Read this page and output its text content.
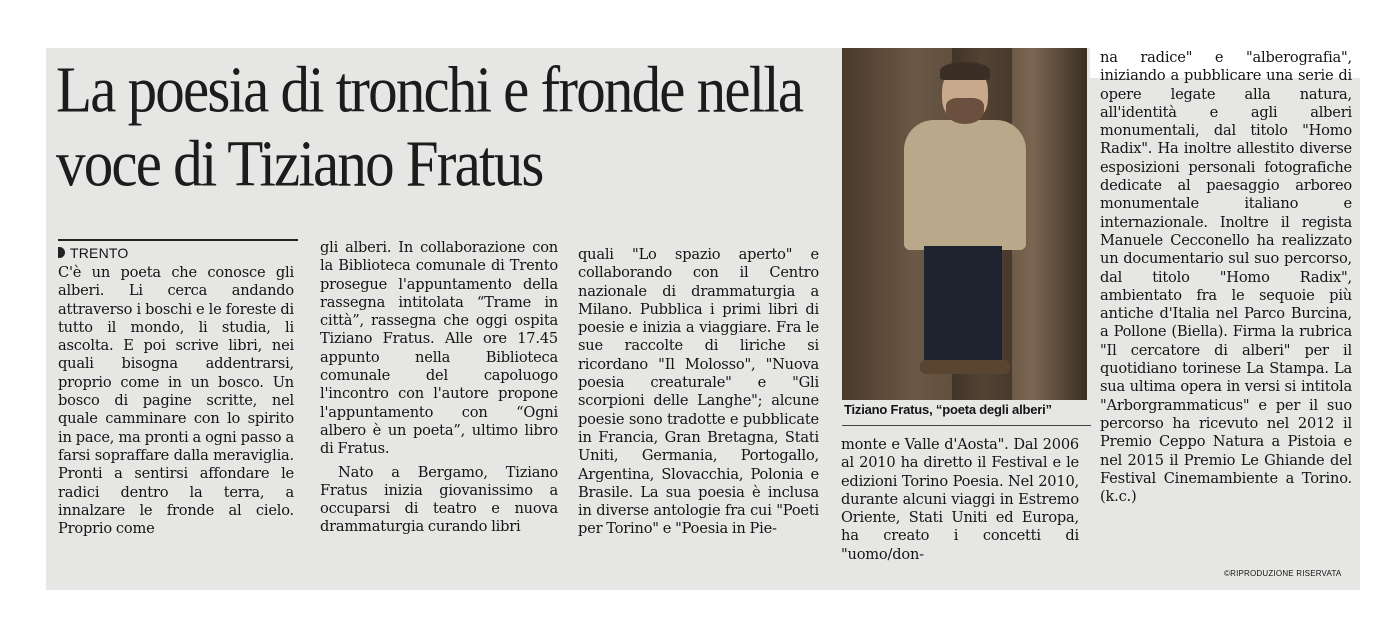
La poesia di tronchi e fronde nella voce di Tiziano Fratus
TRENTO

C'è un poeta che conosce gli alberi. Li cerca andando attraverso i boschi e le foreste di tutto il mondo, li studia, li ascolta. E poi scrive libri, nei quali bisogna addentrarsi, proprio come in un bosco. Un bosco di pagine scritte, nel quale camminare con lo spirito in pace, ma pronti a ogni passo a farsi sopraffare dalla meraviglia. Pronti a sentirsi affondare le radici dentro la terra, a innalzare le fronde al cielo. Proprio come

gli alberi. In collaborazione con la Biblioteca comunale di Trento prosegue l'appuntamento della rassegna intitolata “Trame in città”, rassegna che oggi ospita Tiziano Fratus. Alle ore 17.45 appunto nella Biblioteca comunale del capoluogo l'incontro con l'autore propone l'appuntamento con “Ogni albero è un poeta”, ultimo libro di Fratus.

Nato a Bergamo, Tiziano Fratus inizia giovanissimo a occuparsi di teatro e nuova drammaturgia curando libri

quali "Lo spazio aperto" e collaborando con il Centro nazionale di drammaturgia a Milano. Pubblica i primi libri di poesie e inizia a viaggiare. Fra le sue raccolte di liriche si ricordano "Il Molosso", "Nuova poesia creaturale" e "Gli scorpioni delle Langhe"; alcune poesie sono tradotte e pubblicate in Francia, Gran Bretagna, Stati Uniti, Germania, Portogallo, Argentina, Slovacchia, Polonia e Brasile. La sua poesia è inclusa in diverse antologie fra cui "Poeti per Torino" e "Poesia in Pie-

Tiziano Fratus, “poeta degli alberi”

monte e Valle d'Aosta". Dal 2006 al 2010 ha diretto il Festival e le edizioni Torino Poesia. Nel 2010, durante alcuni viaggi in Estremo Oriente, Stati Uniti ed Europa, ha creato i concetti di "uomo/don-

na radice" e "alberografia", iniziando a pubblicare una serie di opere legate alla natura, all'identità e agli alberi monumentali, dal titolo "Homo Radix". Ha inoltre allestito diverse esposizioni personali fotografiche dedicate al paesaggio arboreo monumentale italiano e internazionale. Inoltre il regista Manuele Cecconello ha realizzato un documentario sul suo percorso, dal titolo "Homo Radix", ambientato fra le sequoie più antiche d'Italia nel Parco Burcina, a Pollone (Biella). Firma la rubrica "Il cercatore di alberi" per il quotidiano torinese La Stampa. La sua ultima opera in versi si intitola "Arborgrammaticus" e per il suo percorso ha ricevuto nel 2012 il Premio Ceppo Natura a Pistoia e nel 2015 il Premio Le Ghiande del Festival Cinemambiente a Torino. (k.c.)

©RIPRODUZIONE RISERVATA
